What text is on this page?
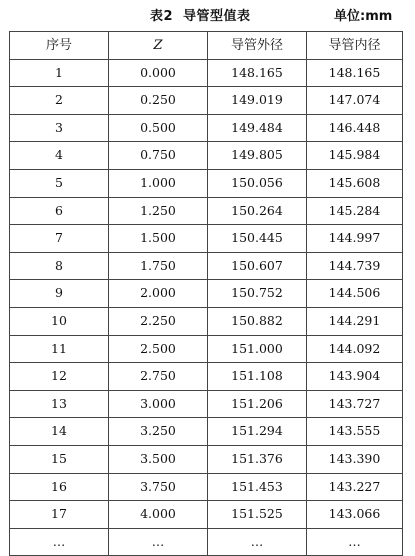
表2 导管型值表	单位:mm
序号	Z	导管外径	导管内径
1	0.000	148.165	148.165
2	0.250	149.019	147.074
3	0.500	149.484	146.448
4	0.750	149.805	145.984
5	1.000	150.056	145.608
6	1.250	150.264	145.284
7	1.500	150.445	144.997
8	1.750	150.607	144.739
9	2.000	150.752	144.506
10	2.250	150.882	144.291
11	2.500	151.000	144.092
12	2.750	151.108	143.904
13	3.000	151.206	143.727
14	3.250	151.294	143.555
15	3.500	151.376	143.390
16	3.750	151.453	143.227
17	4.000	151.525	143.066
…	…	…	…
